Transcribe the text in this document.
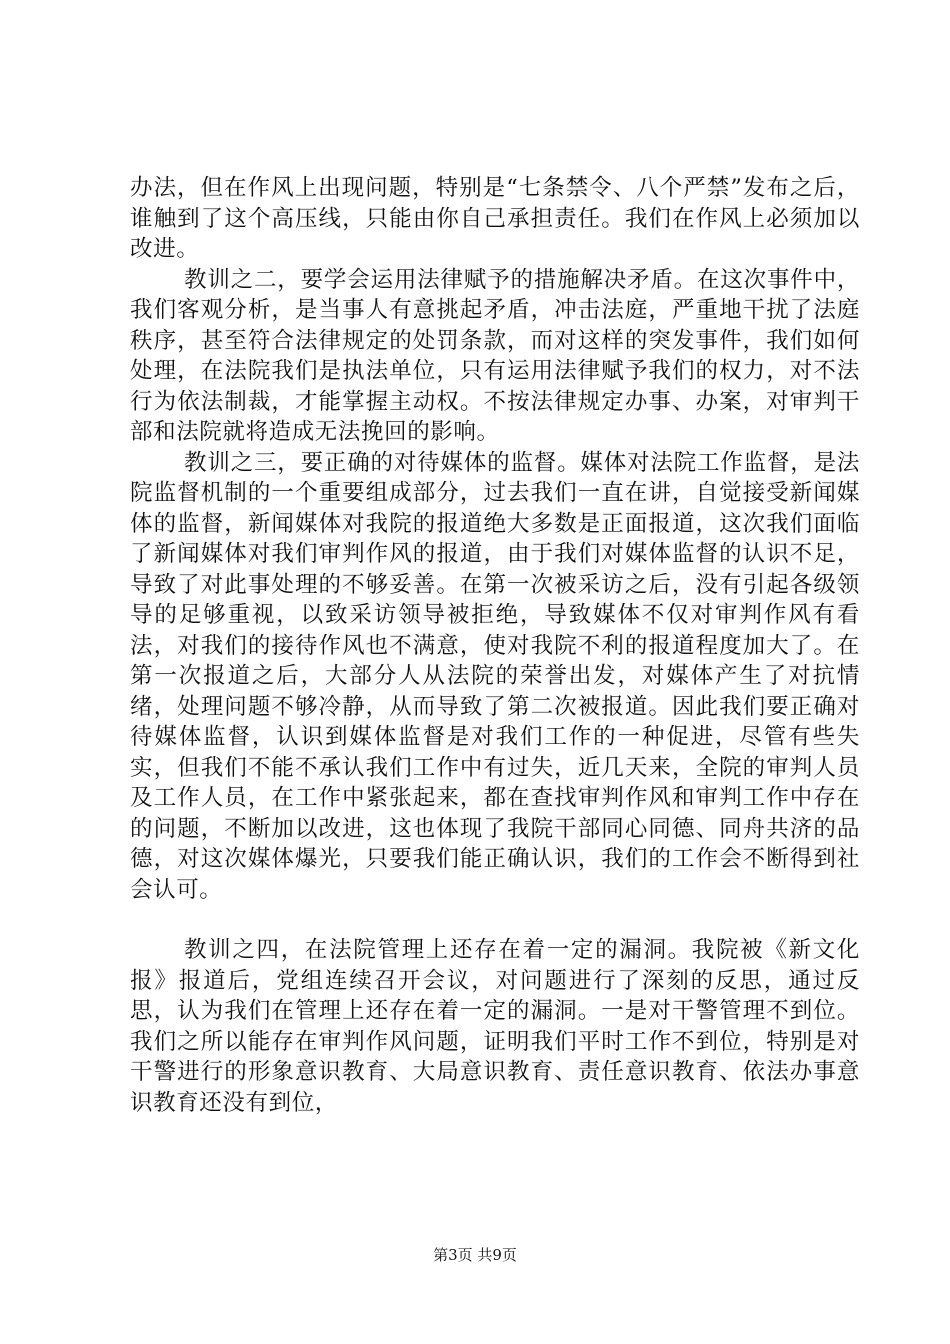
办法，但在作风上出现问题，特别是“七条禁令、八个严禁”发布之后，谁触到了这个高压线，只能由你自己承担责任。我们在作风上必须加以改进。

教训之二，要学会运用法律赋予的措施解决矛盾。在这次事件中，我们客观分析，是当事人有意挑起矛盾，冲击法庭，严重地干扰了法庭秩序，甚至符合法律规定的处罚条款，而对这样的突发事件，我们如何处理，在法院我们是执法单位，只有运用法律赋予我们的权力，对不法行为依法制裁，才能掌握主动权。不按法律规定办事、办案，对审判干部和法院就将造成无法挽回的影响。

教训之三，要正确的对待媒体的监督。媒体对法院工作监督，是法院监督机制的一个重要组成部分，过去我们一直在讲，自觉接受新闻媒体的监督，新闻媒体对我院的报道绝大多数是正面报道，这次我们面临了新闻媒体对我们审判作风的报道，由于我们对媒体监督的认识不足，导致了对此事处理的不够妥善。在第一次被采访之后，没有引起各级领导的足够重视，以致采访领导被拒绝，导致媒体不仅对审判作风有看法，对我们的接待作风也不满意，使对我院不利的报道程度加大了。在第一次报道之后，大部分人从法院的荣誉出发，对媒体产生了对抗情绪，处理问题不够冷静，从而导致了第二次被报道。因此我们要正确对待媒体监督，认识到媒体监督是对我们工作的一种促进，尽管有些失实，但我们不能不承认我们工作中有过失，近几天来，全院的审判人员及工作人员，在工作中紧张起来，都在查找审判作风和审判工作中存在的问题，不断加以改进，这也体现了我院干部同心同德、同舟共济的品德，对这次媒体爆光，只要我们能正确认识，我们的工作会不断得到社会认可。

教训之四，在法院管理上还存在着一定的漏洞。我院被《新文化报》报道后，党组连续召开会议，对问题进行了深刻的反思，通过反思，认为我们在管理上还存在着一定的漏洞。一是对干警管理不到位。我们之所以能存在审判作风问题，证明我们平时工作不到位，特别是对干警进行的形象意识教育、大局意识教育、责任意识教育、依法办事意识教育还没有到位，

第3页 共9页
